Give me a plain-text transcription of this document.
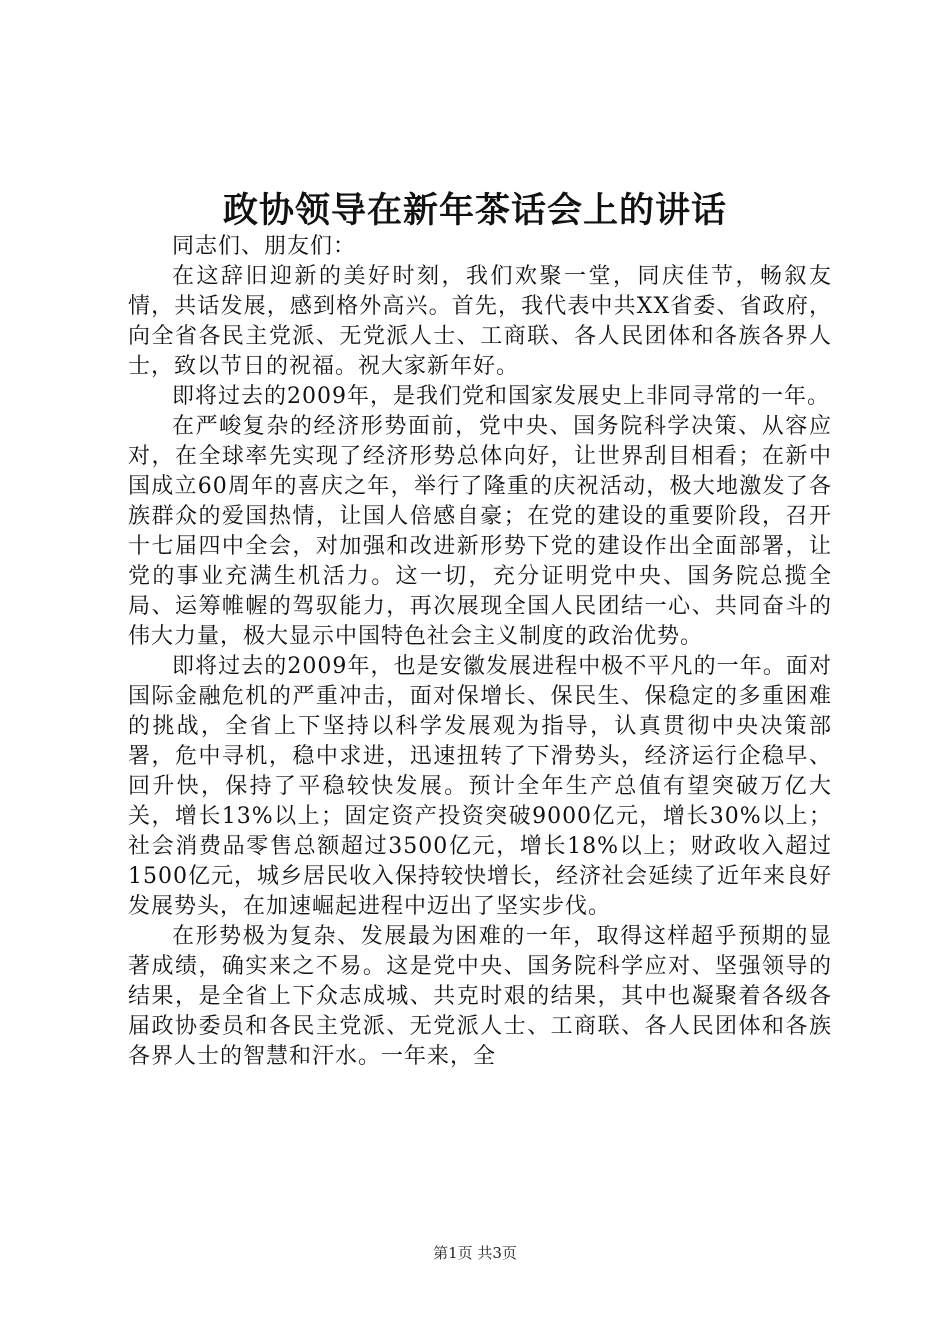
政协领导在新年茶话会上的讲话

同志们、朋友们：

在这辞旧迎新的美好时刻，我们欢聚一堂，同庆佳节，畅叙友情，共话发展，感到格外高兴。首先，我代表中共XX省委、省政府，向全省各民主党派、无党派人士、工商联、各人民团体和各族各界人士，致以节日的祝福。祝大家新年好。

即将过去的2009年，是我们党和国家发展史上非同寻常的一年。

在严峻复杂的经济形势面前，党中央、国务院科学决策、从容应对，在全球率先实现了经济形势总体向好，让世界刮目相看；在新中国成立60周年的喜庆之年，举行了隆重的庆祝活动，极大地激发了各族群众的爱国热情，让国人倍感自豪；在党的建设的重要阶段，召开十七届四中全会，对加强和改进新形势下党的建设作出全面部署，让党的事业充满生机活力。这一切，充分证明党中央、国务院总揽全局、运筹帷幄的驾驭能力，再次展现全国人民团结一心、共同奋斗的伟大力量，极大显示中国特色社会主义制度的政治优势。

即将过去的2009年，也是安徽发展进程中极不平凡的一年。面对国际金融危机的严重冲击，面对保增长、保民生、保稳定的多重困难的挑战，全省上下坚持以科学发展观为指导，认真贯彻中央决策部署，危中寻机，稳中求进，迅速扭转了下滑势头，经济运行企稳早、回升快，保持了平稳较快发展。预计全年生产总值有望突破万亿大关，增长13%以上；固定资产投资突破9000亿元，增长30%以上；社会消费品零售总额超过3500亿元，增长18%以上；财政收入超过1500亿元，城乡居民收入保持较快增长，经济社会延续了近年来良好发展势头，在加速崛起进程中迈出了坚实步伐。

在形势极为复杂、发展最为困难的一年，取得这样超乎预期的显著成绩，确实来之不易。这是党中央、国务院科学应对、坚强领导的结果，是全省上下众志成城、共克时艰的结果，其中也凝聚着各级各届政协委员和各民主党派、无党派人士、工商联、各人民团体和各族各界人士的智慧和汗水。一年来，全

第1页 共3页
